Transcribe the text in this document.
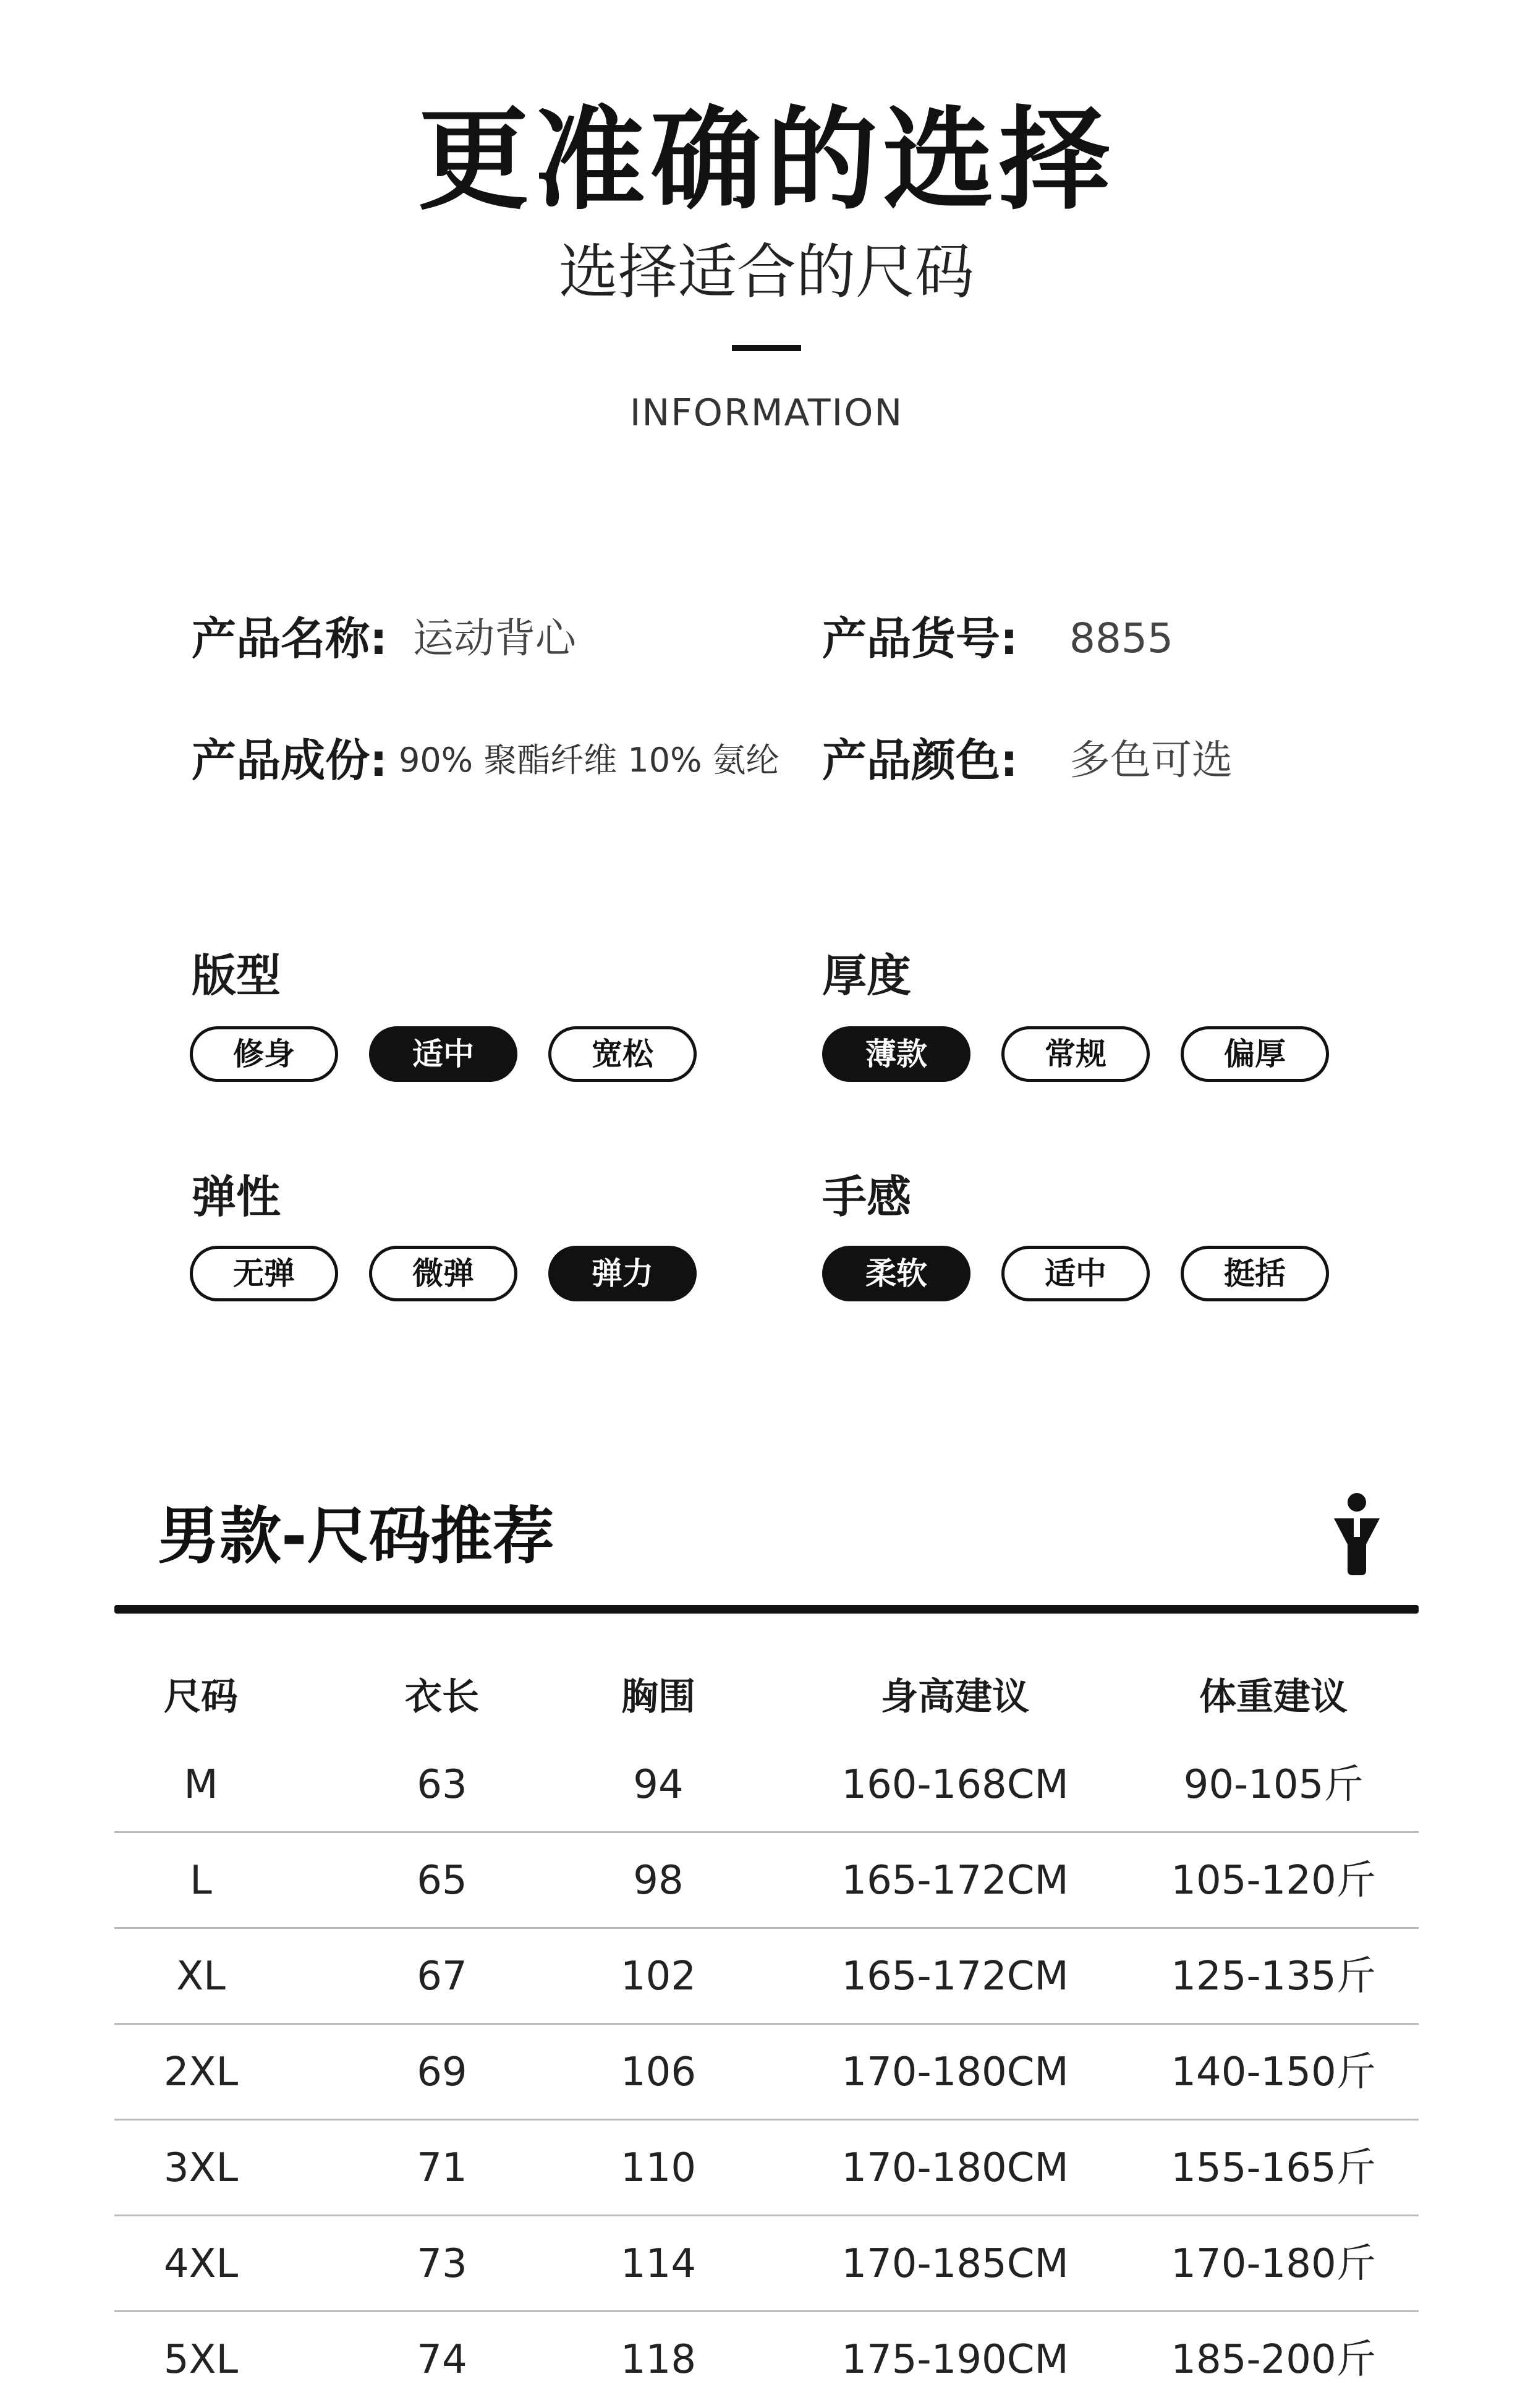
更准确的选择
选择适合的尺码
INFORMATION
产品名称: 运动背心	产品货号: 8855
产品成份: 90% 聚酯纤维 10% 氨纶 产品颜色: 多色可选
版型
修身	适中	宽松
厚度
薄款	常规	偏厚
弹性
无弹	微弹	弹力
手感
柔软	适中	挺括
男款-尺码推荐
尺码	衣长	胸围	身高建议	体重建议
M	63	94	160-168CM	90-105斤
L	65	98	165-172CM	105-120斤
XL	67	102	165-172CM	125-135斤
2XL	69	106	170-180CM	140-150斤
3XL	71	110	170-180CM	155-165斤
4XL	73	114	170-185CM	170-180斤
5XL	74	118	175-190CM	185-200斤
